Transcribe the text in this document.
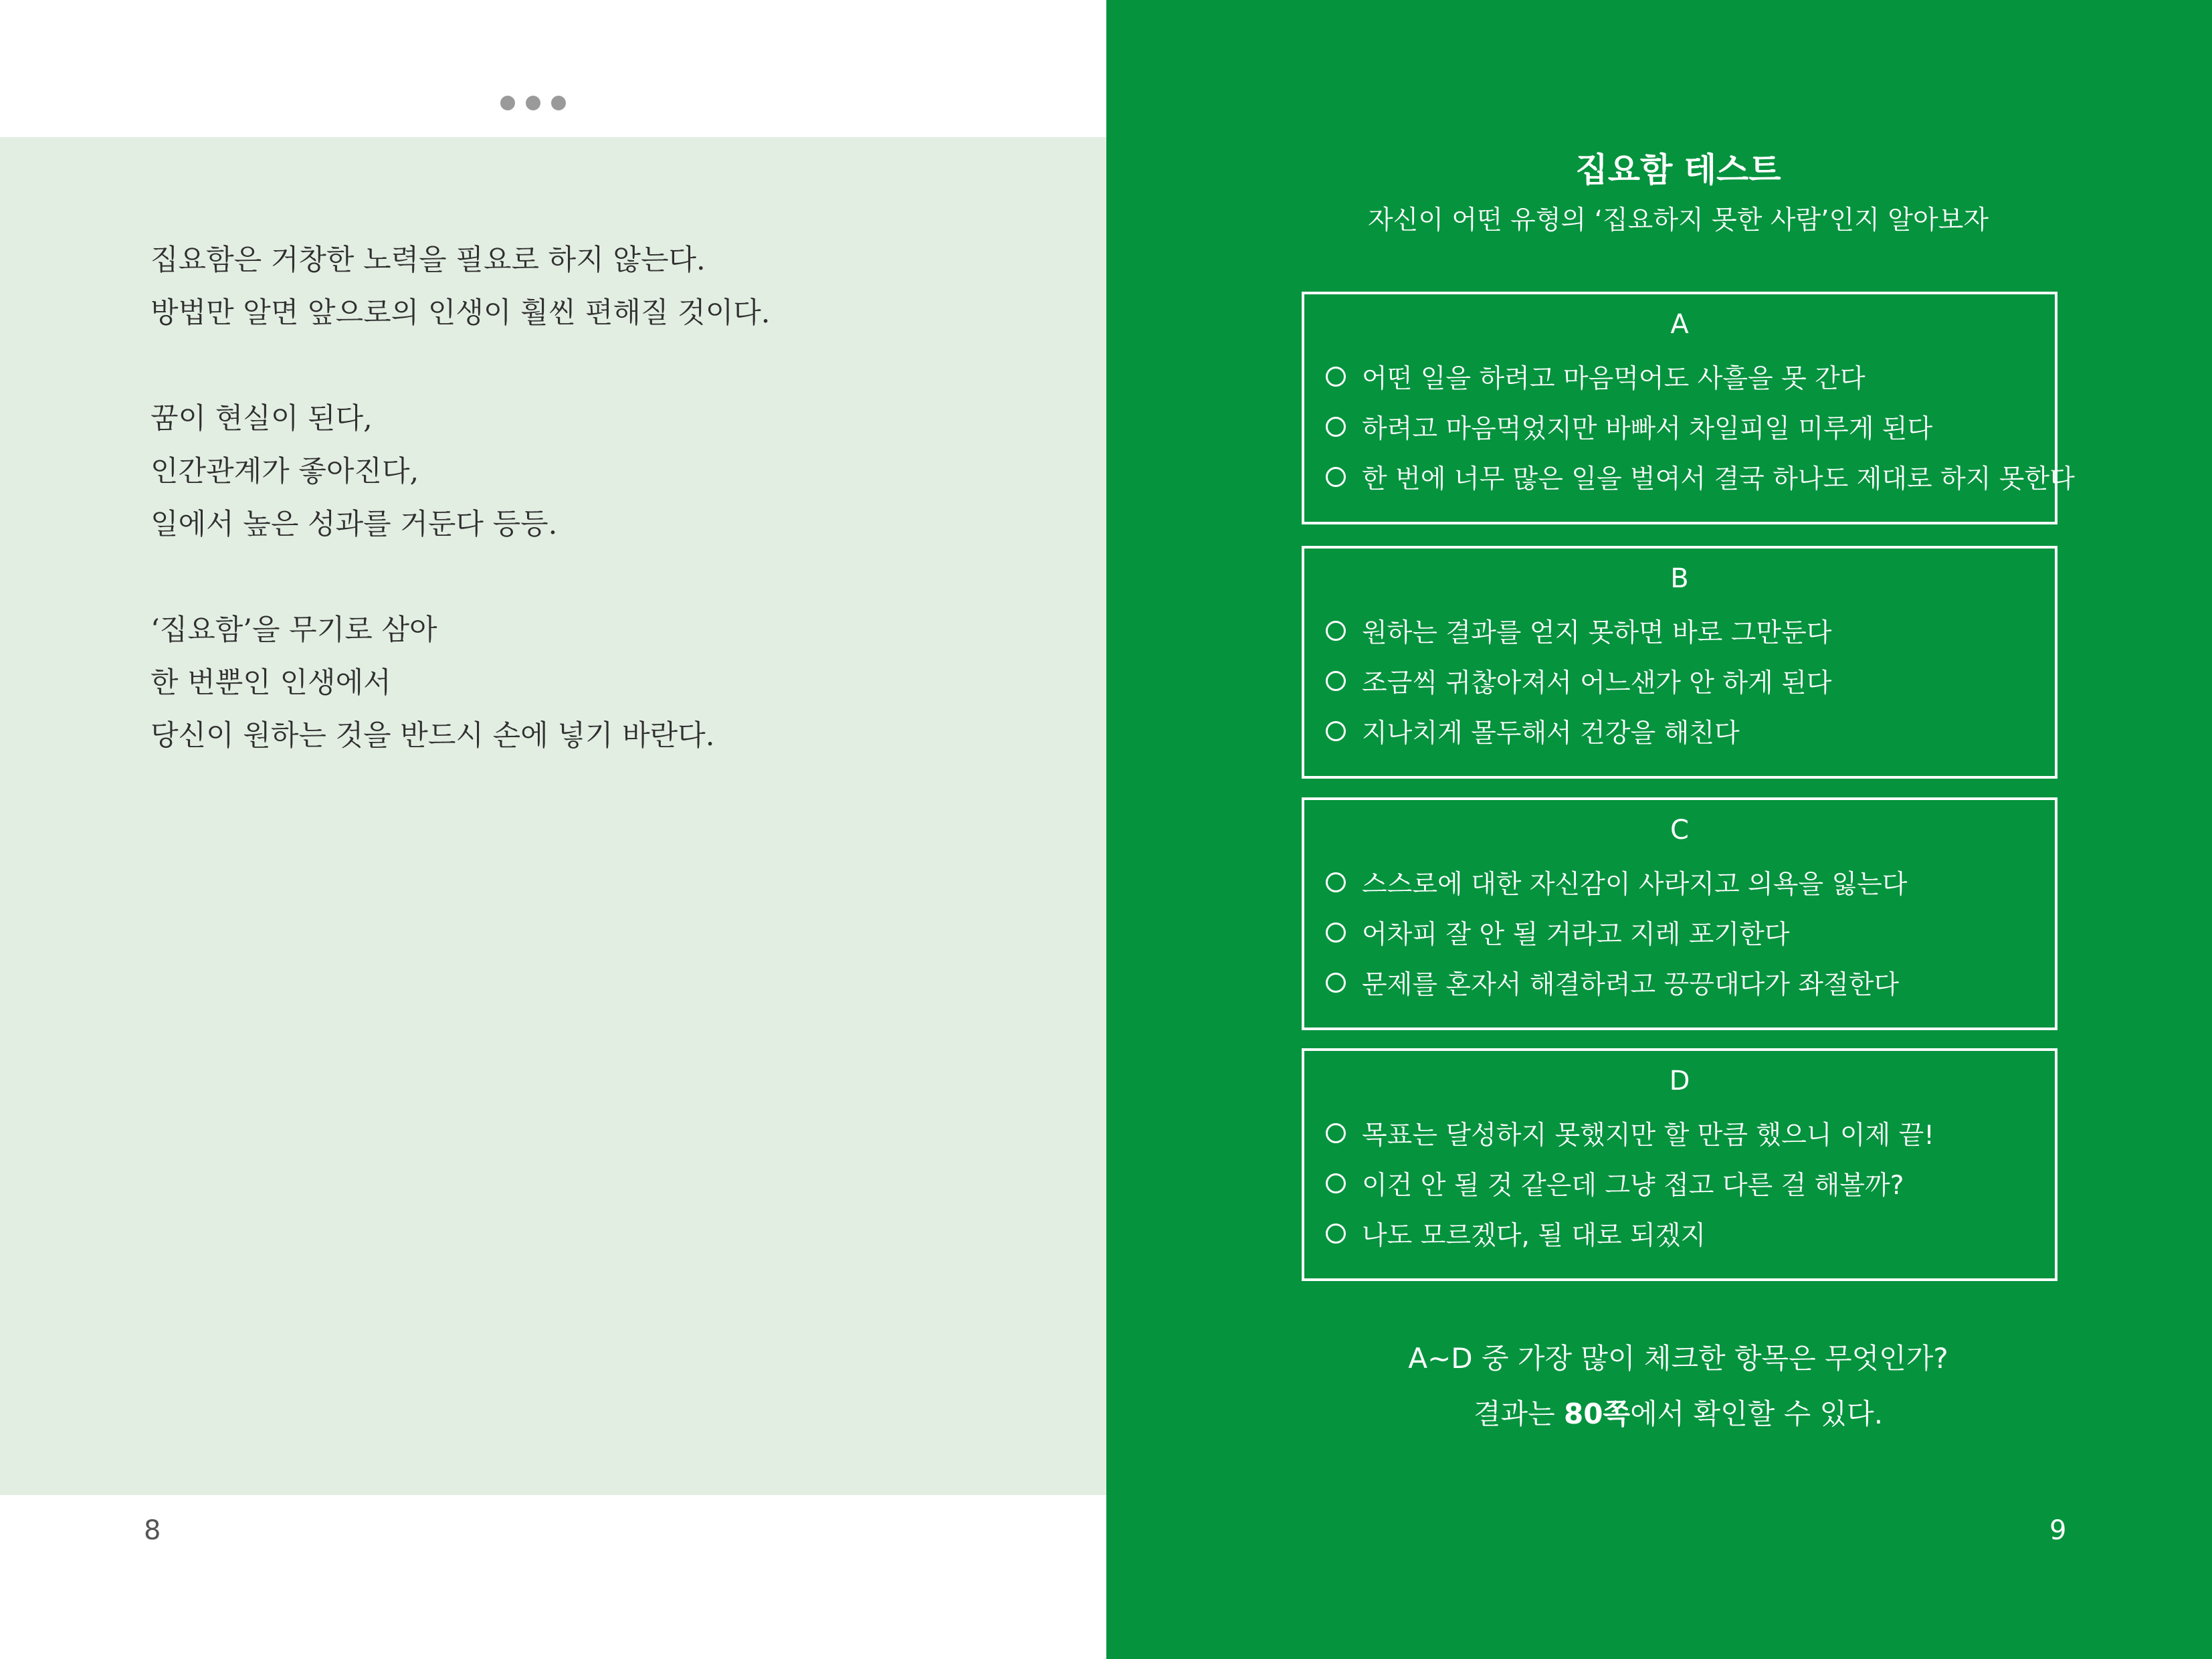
집요함은 거창한 노력을 필요로 하지 않는다.
방법만 알면 앞으로의 인생이 훨씬 편해질 것이다.
꿈이 현실이 된다,
인간관계가 좋아진다,
일에서 높은 성과를 거둔다 등등.
‘집요함’을 무기로 삼아
한 번뿐인 인생에서
당신이 원하는 것을 반드시 손에 넣기 바란다.
8
집요함 테스트
자신이 어떤 유형의 ‘집요하지 못한 사람’인지 알아보자
A
어떤 일을 하려고 마음먹어도 사흘을 못 간다
하려고 마음먹었지만 바빠서 차일피일 미루게 된다
한 번에 너무 많은 일을 벌여서 결국 하나도 제대로 하지 못한다
B
원하는 결과를 얻지 못하면 바로 그만둔다
조금씩 귀찮아져서 어느샌가 안 하게 된다
지나치게 몰두해서 건강을 해친다
C
스스로에 대한 자신감이 사라지고 의욕을 잃는다
어차피 잘 안 될 거라고 지레 포기한다
문제를 혼자서 해결하려고 끙끙대다가 좌절한다
D
목표는 달성하지 못했지만 할 만큼 했으니 이제 끝!
이건 안 될 것 같은데 그냥 접고 다른 걸 해볼까?
나도 모르겠다, 될 대로 되겠지
A~D 중 가장 많이 체크한 항목은 무엇인가?
결과는 80쪽에서 확인할 수 있다.
9
